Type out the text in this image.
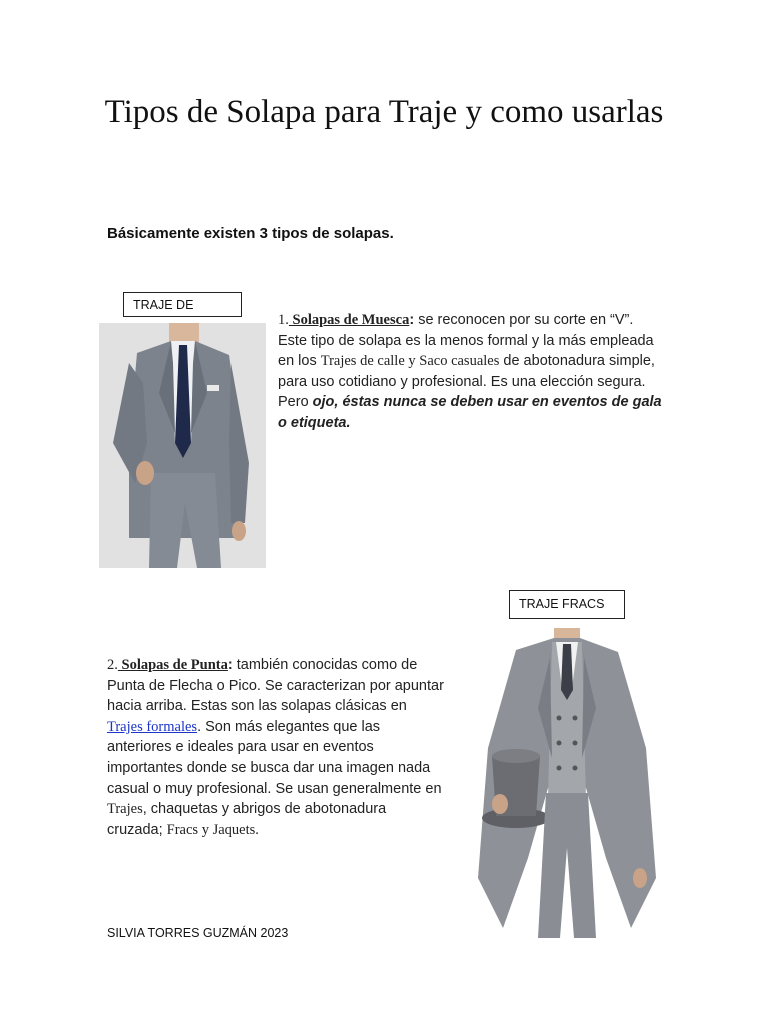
Tipos de Solapa para Traje y como usarlas
Básicamente existen 3 tipos de solapas.
TRAJE DE
1. Solapas de Muesca: se reconocen por su corte en “V”. Este tipo de solapa es la menos formal y la más empleada en los Trajes de calle y Saco casuales de abotonadura simple, para uso cotidiano y profesional. Es una elección segura. Pero ojo, éstas nunca se deben usar en eventos de gala o etiqueta.
TRAJE FRACS
2. Solapas de Punta: también conocidas como de Punta de Flecha o Pico. Se caracterizan por apuntar hacia arriba. Estas son las solapas clásicas en Trajes formales. Son más elegantes que las anteriores e ideales para usar en eventos importantes donde se busca dar una imagen nada casual o muy profesional. Se usan generalmente en Trajes, chaquetas y abrigos de abotonadura cruzada; Fracs y Jaquets.
SILVIA TORRES GUZMÁN 2023
